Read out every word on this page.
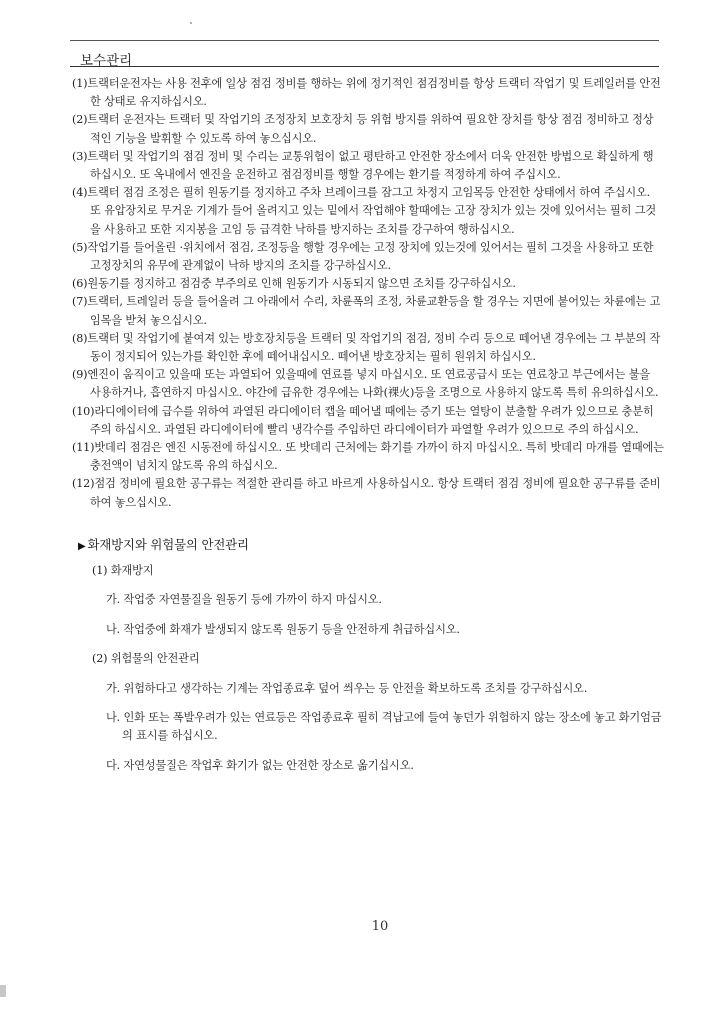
보수관리

(1)트랙터운전자는 사용 전후에 일상 점검 정비를 행하는 위에 정기적인 점검정비를 항상 트랙터 작업기 및 트레일러를 안전한 상태로 유지하십시오.

(2)트랙터 운전자는 트랙터 및 작업기의 조정장치 보호장치 등 위험 방지를 위하여 필요한 장치를 항상 점검 정비하고 정상적인 기능을 발휘할 수 있도록 하여 놓으십시오.

(3)트랙터 및 작업기의 점검 정비 및 수리는 교통위험이 없고 평탄하고 안전한 장소에서 더욱 안전한 방법으로 확실하게 행하십시오. 또 옥내에서 엔진을 운전하고 점검정비를 행할 경우에는 환기를 적정하게 하여 주십시오.

(4)트랙터 점검 조정은 필히 원동기를 정지하고 주차 브레이크를 잠그고 차정지 고임목등 안전한 상태에서 하여 주십시오. 또 유압장치로 무거운 기계가 들어 올려지고 있는 밑에서 작업해야 할때에는 고장 장치가 있는 것에 있어서는 필히 그것을 사용하고 또한 지지봉을 고임 등 급격한 낙하를 방지하는 조치를 강구하여 행하십시오.

(5)작업기를 들어올린 ·위치에서 점검, 조정등을 행할 경우에는 고정 장치에 있는것에 있어서는 필히 그것을 사용하고 또한 고정장치의 유무에 관계없이 낙하 방지의 조치를 강구하십시오.

(6)원동기를 정지하고 점검중 부주의로 인해 원동기가 시동되지 않으면 조치를 강구하십시오.

(7)트랙터, 트레일러 등을 들어올려 그 아래에서 수리, 차륜폭의 조정, 차륜교환등을 할 경우는 지면에 붙어있는 차륜에는 고임목을 받쳐 놓으십시오.

(8)트랙터 및 작업기에 붙여져 있는 방호장치등을 트랙터 및 작업기의 점검, 정비 수리 등으로 떼어낸 경우에는 그 부분의 작동이 정지되어 있는가를 확인한 후에 떼어내십시오. 떼어낸 방호장치는 필히 원위치 하십시오.

(9)엔진이 움직이고 있을때 또는 과열되어 있을때에 연료를 넣지 마십시오. 또 연료공급시 또는 연료창고 부근에서는 불을 사용하거나, 흡연하지 마십시오. 야간에 급유한 경우에는 나화(裸火)등을 조명으로 사용하지 않도록 특히 유의하십시오.

(10)라디에이터에 급수를 위하여 과열된 라디에이터 캡을 떼어낼 때에는 증기 또는 열탕이 분출할 우려가 있으므로 충분히 주의 하십시오. 과열된 라디에이터에 빨리 냉각수를 주입하던 라디에이터가 파열할 우려가 있으므로 주의 하십시오.

(11)밧데리 점검은 엔진 시동전에 하십시오. 또 밧데리 근처에는 화기를 가까이 하지 마십시오. 특히 밧데리 마개를 열때에는 충전액이 넘치지 않도록 유의 하십시오.

(12)점검 정비에 필요한 공구류는 적절한 관리를 하고 바르게 사용하십시오. 항상 트랙터 점검 정비에 필요한 공구류를 준비하여 놓으십시오.

▶ 화재방지와 위험물의 안전관리
(1) 화재방지

가. 작업중 자연물질을 원동기 등에 가까이 하지 마십시오.

나. 작업중에 화재가 발생되지 않도록 원동기 등을 안전하게 취급하십시오.

(2) 위험물의 안전관리

가. 위험하다고 생각하는 기계는 작업종료후 덮어 씌우는 등 안전을 확보하도록 조치를 강구하십시오.

나. 인화 또는 폭발우려가 있는 연료등은 작업종료후 필히 격납고에 들여 놓던가 위험하지 않는 장소에 놓고 화기엄금의 표시를 하십시오.

다. 자연성물질은 작업후 화기가 없는 안전한 장소로 옮기십시오.

10
